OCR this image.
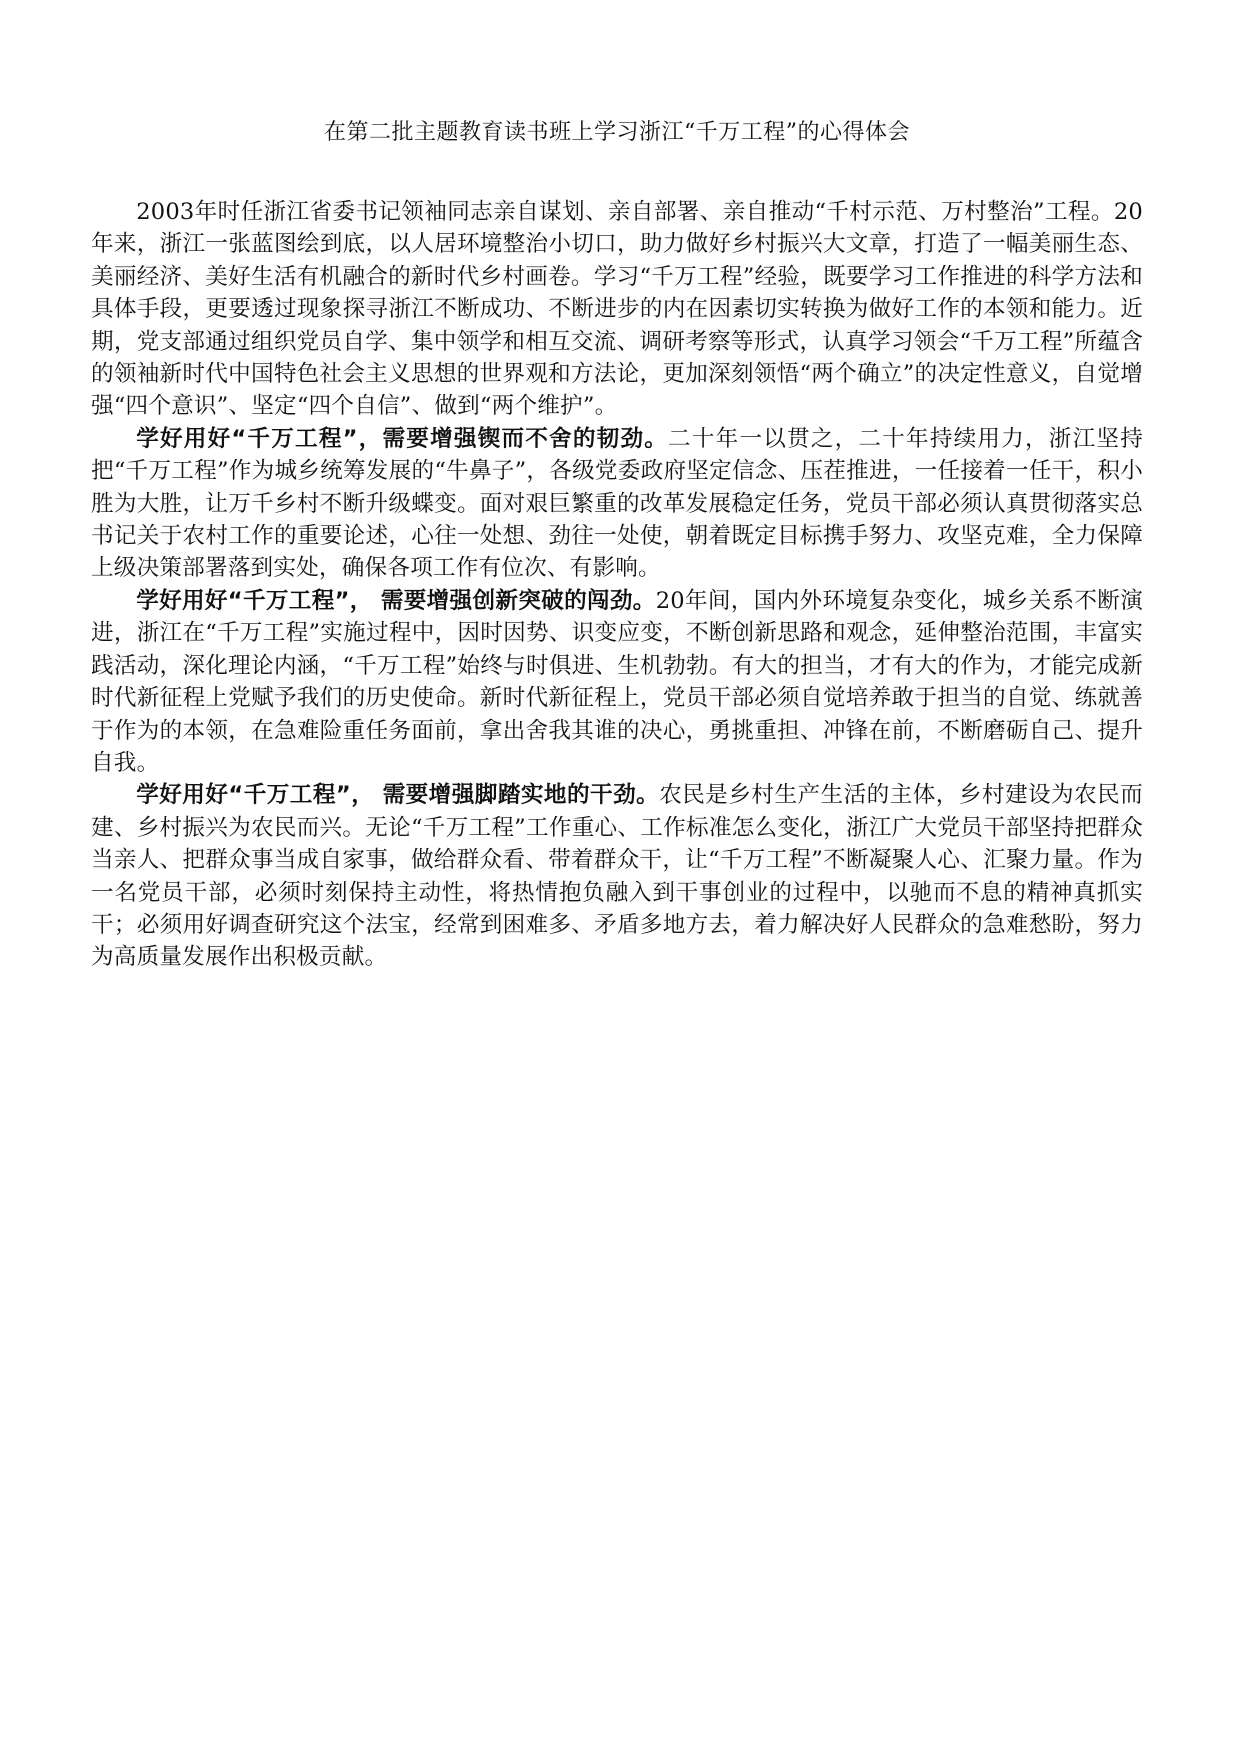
在第二批主题教育读书班上学习浙江“千万工程”的心得体会

2003年时任浙江省委书记领袖同志亲自谋划、亲自部署、亲自推动“千村示范、万村整治”工程。20年来，浙江一张蓝图绘到底，以人居环境整治小切口，助力做好乡村振兴大文章，打造了一幅美丽生态、美丽经济、美好生活有机融合的新时代乡村画卷。学习“千万工程”经验，既要学习工作推进的科学方法和具体手段，更要透过现象探寻浙江不断成功、不断进步的内在因素切实转换为做好工作的本领和能力。近期，党支部通过组织党员自学、集中领学和相互交流、调研考察等形式，认真学习领会“千万工程”所蕴含的领袖新时代中国特色社会主义思想的世界观和方法论，更加深刻领悟“两个确立”的决定性意义，自觉增强“四个意识”、坚定“四个自信”、做到“两个维护”。

学好用好“千万工程”，需要增强锲而不舍的韧劲。二十年一以贯之，二十年持续用力，浙江坚持把“千万工程”作为城乡统筹发展的“牛鼻子”，各级党委政府坚定信念、压茬推进，一任接着一任干，积小胜为大胜，让万千乡村不断升级蝶变。面对艰巨繁重的改革发展稳定任务，党员干部必须认真贯彻落实总书记关于农村工作的重要论述，心往一处想、劲往一处使，朝着既定目标携手努力、攻坚克难，全力保障上级决策部署落到实处，确保各项工作有位次、有影响。

学好用好“千万工程”， 需要增强创新突破的闯劲。20年间，国内外环境复杂变化，城乡关系不断演进，浙江在“千万工程”实施过程中，因时因势、识变应变，不断创新思路和观念，延伸整治范围，丰富实践活动，深化理论内涵，“千万工程”始终与时俱进、生机勃勃。有大的担当，才有大的作为，才能完成新时代新征程上党赋予我们的历史使命。新时代新征程上，党员干部必须自觉培养敢于担当的自觉、练就善于作为的本领，在急难险重任务面前，拿出舍我其谁的决心，勇挑重担、冲锋在前，不断磨砺自己、提升自我。

学好用好“千万工程”， 需要增强脚踏实地的干劲。农民是乡村生产生活的主体，乡村建设为农民而建、乡村振兴为农民而兴。无论“千万工程”工作重心、工作标准怎么变化，浙江广大党员干部坚持把群众当亲人、把群众事当成自家事，做给群众看、带着群众干，让“千万工程”不断凝聚人心、汇聚力量。作为一名党员干部，必须时刻保持主动性，将热情抱负融入到干事创业的过程中，以驰而不息的精神真抓实干；必须用好调查研究这个法宝，经常到困难多、矛盾多地方去，着力解决好人民群众的急难愁盼，努力为高质量发展作出积极贡献。
